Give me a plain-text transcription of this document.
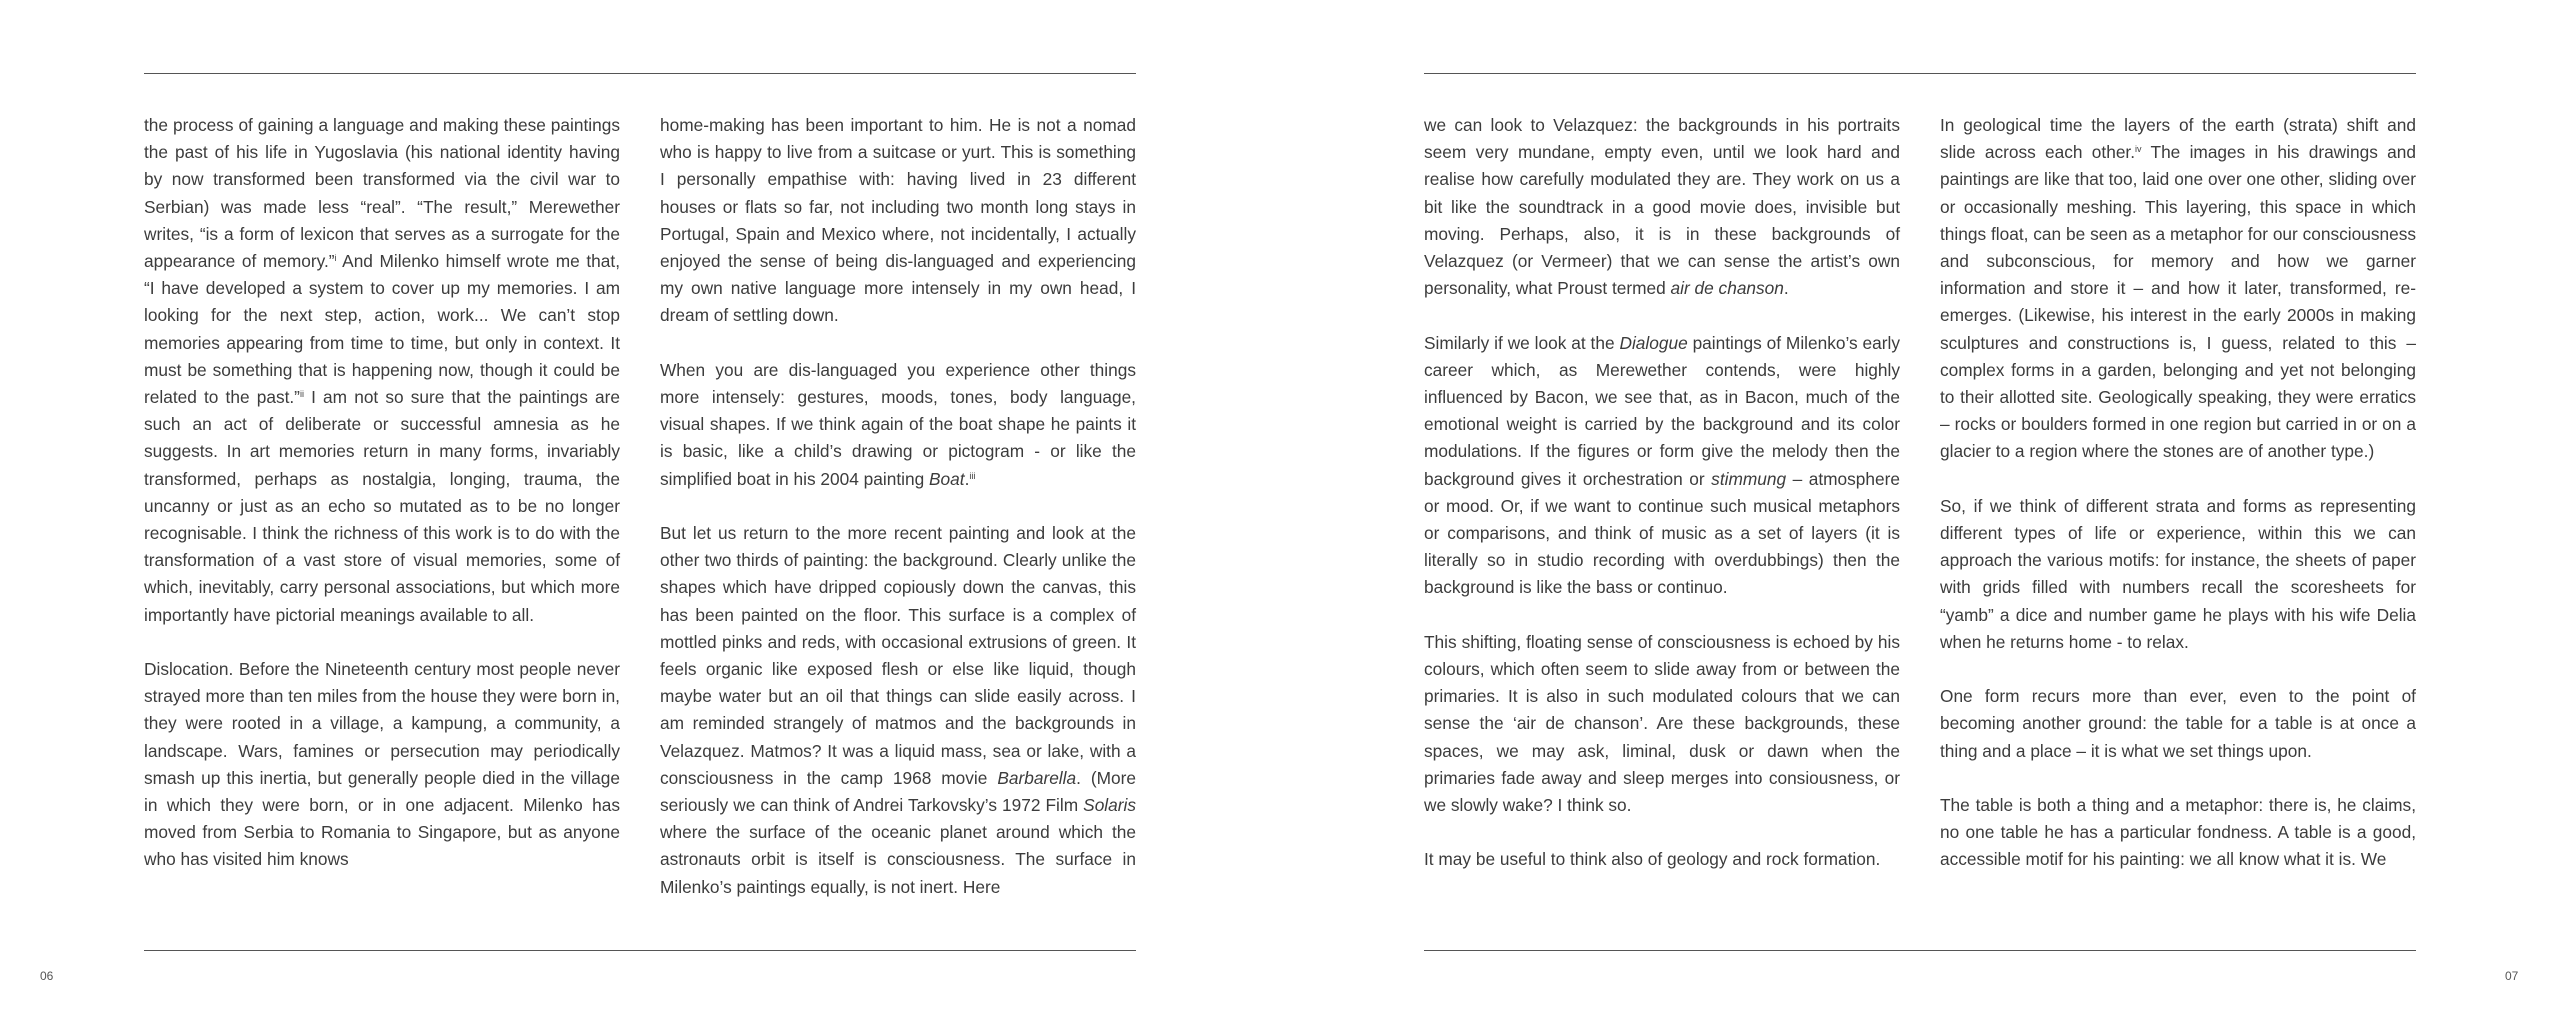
06	07

the process of gaining a language and making these paintings the past of his life in Yugoslavia (his national identity having by now transformed been transformed via the civil war to Serbian) was made less “real”. “The result,” Merewether writes, “is a form of lexicon that serves as a surrogate for the appearance of memory.”$^i$ And Milenko himself wrote me that, “I have developed a system to cover up my memories. I am looking for the next step, action, work... We can’t stop memories appearing from time to time, but only in context. It must be something that is happening now, though it could be related to the past.”$^{ii}$ I am not so sure that the paintings are such an act of deliberate or successful amnesia as he suggests. In art memories return in many forms, invariably transformed, perhaps as nostalgia, longing, trauma, the uncanny or just as an echo so mutated as to be no longer recognisable. I think the richness of this work is to do with the transformation of a vast store of visual memories, some of which, inevitably, carry personal associations, but which more importantly have pictorial meanings available to all.

Dislocation. Before the Nineteenth century most people never strayed more than ten miles from the house they were born in, they were rooted in a village, a kampung, a community, a landscape. Wars, famines or persecution may periodically smash up this inertia, but generally people died in the village in which they were born, or in one adjacent. Milenko has moved from Serbia to Romania to Singapore, but as anyone who has visited him knows

home-making has been important to him. He is not a nomad who is happy to live from a suitcase or yurt. This is something I personally empathise with: having lived in 23 different houses or flats so far, not including two month long stays in Portugal, Spain and Mexico where, not incidentally, I actually enjoyed the sense of being dis-languaged and experiencing my own native language more intensely in my own head, I dream of settling down.

When you are dis-languaged you experience other things more intensely: gestures, moods, tones, body language, visual shapes. If we think again of the boat shape he paints it is basic, like a child’s drawing or pictogram - or like the simplified boat in his 2004 painting Boat.$^{iii}$

But let us return to the more recent painting and look at the other two thirds of painting: the background. Clearly unlike the shapes which have dripped copiously down the canvas, this has been painted on the floor. This surface is a complex of mottled pinks and reds, with occasional extrusions of green. It feels organic like exposed flesh or else like liquid, though maybe water but an oil that things can slide easily across. I am reminded strangely of matmos and the backgrounds in Velazquez. Matmos? It was a liquid mass, sea or lake, with a consciousness in the camp 1968 movie Barbarella. (More seriously we can think of Andrei Tarkovsky’s 1972 Film Solaris where the surface of the oceanic planet around which the astronauts orbit is itself is consciousness. The surface in Milenko’s paintings equally, is not inert. Here

we can look to Velazquez: the backgrounds in his portraits seem very mundane, empty even, until we look hard and realise how carefully modulated they are. They work on us a bit like the soundtrack in a good movie does, invisible but moving. Perhaps, also, it is in these backgrounds of Velazquez (or Vermeer) that we can sense the artist’s own personality, what Proust termed air de chanson.

Similarly if we look at the Dialogue paintings of Milenko’s early career which, as Merewether contends, were highly influenced by Bacon, we see that, as in Bacon, much of the emotional weight is carried by the background and its color modulations. If the figures or form give the melody then the background gives it orchestration or stimmung – atmosphere or mood. Or, if we want to continue such musical metaphors or comparisons, and think of music as a set of layers (it is literally so in studio recording with overdubbings) then the background is like the bass or continuo.

This shifting, floating sense of consciousness is echoed by his colours, which often seem to slide away from or between the primaries. It is also in such modulated colours that we can sense the ‘air de chanson’. Are these backgrounds, these spaces, we may ask, liminal, dusk or dawn when the primaries fade away and sleep merges into consiousness, or we slowly wake? I think so.

It may be useful to think also of geology and rock formation.

In geological time the layers of the earth (strata) shift and slide across each other.$^{iv}$ The images in his drawings and paintings are like that too, laid one over one other, sliding over or occasionally meshing. This layering, this space in which things float, can be seen as a metaphor for our consciousness and subconscious, for memory and how we garner information and store it – and how it later, transformed, re-emerges. (Likewise, his interest in the early 2000s in making sculptures and constructions is, I guess, related to this – complex forms in a garden, belonging and yet not belonging to their allotted site. Geologically speaking, they were erratics – rocks or boulders formed in one region but carried in or on a glacier to a region where the stones are of another type.)

So, if we think of different strata and forms as representing different types of life or experience, within this we can approach the various motifs: for instance, the sheets of paper with grids filled with numbers recall the scoresheets for “yamb” a dice and number game he plays with his wife Delia when he returns home - to relax.

One form recurs more than ever, even to the point of becoming another ground: the table for a table is at once a thing and a place – it is what we set things upon.

The table is both a thing and a metaphor: there is, he claims, no one table he has a particular fondness. A table is a good, accessible motif for his painting: we all know what it is. We
